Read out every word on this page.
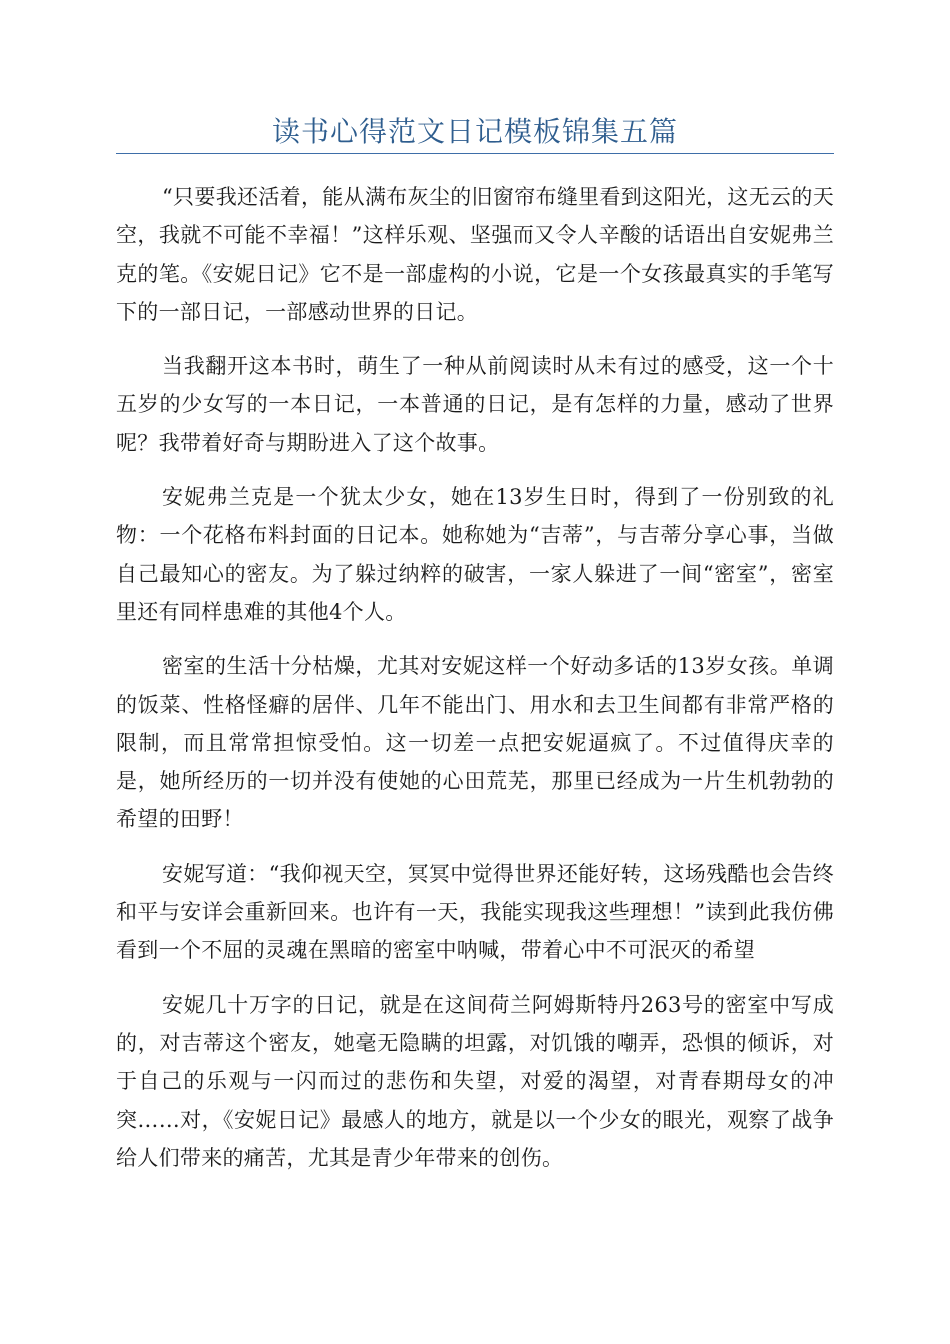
读书心得范文日记模板锦集五篇

“只要我还活着，能从满布灰尘的旧窗帘布缝里看到这阳光，这无云的天空，我就不可能不幸福！”这样乐观、坚强而又令人辛酸的话语出自安妮弗兰克的笔。《安妮日记》它不是一部虚构的小说，它是一个女孩最真实的手笔写下的一部日记，一部感动世界的日记。

当我翻开这本书时，萌生了一种从前阅读时从未有过的感受，这一个十五岁的少女写的一本日记，一本普通的日记，是有怎样的力量，感动了世界呢？我带着好奇与期盼进入了这个故事。

安妮弗兰克是一个犹太少女，她在13岁生日时，得到了一份别致的礼物：一个花格布料封面的日记本。她称她为“吉蒂”，与吉蒂分享心事，当做自己最知心的密友。为了躲过纳粹的破害，一家人躲进了一间“密室”，密室里还有同样患难的其他4个人。

密室的生活十分枯燥，尤其对安妮这样一个好动多话的13岁女孩。单调的饭菜、性格怪癖的居伴、几年不能出门、用水和去卫生间都有非常严格的限制，而且常常担惊受怕。这一切差一点把安妮逼疯了。不过值得庆幸的是，她所经历的一切并没有使她的心田荒芜，那里已经成为一片生机勃勃的希望的田野！

安妮写道：“我仰视天空，冥冥中觉得世界还能好转，这场残酷也会告终和平与安详会重新回来。也许有一天，我能实现我这些理想！”读到此我仿佛看到一个不屈的灵魂在黑暗的密室中呐喊，带着心中不可泯灭的希望

安妮几十万字的日记，就是在这间荷兰阿姆斯特丹263号的密室中写成的，对吉蒂这个密友，她毫无隐瞒的坦露，对饥饿的嘲弄，恐惧的倾诉，对于自己的乐观与一闪而过的悲伤和失望，对爱的渴望，对青春期母女的冲突……对，《安妮日记》最感人的地方，就是以一个少女的眼光，观察了战争给人们带来的痛苦，尤其是青少年带来的创伤。
